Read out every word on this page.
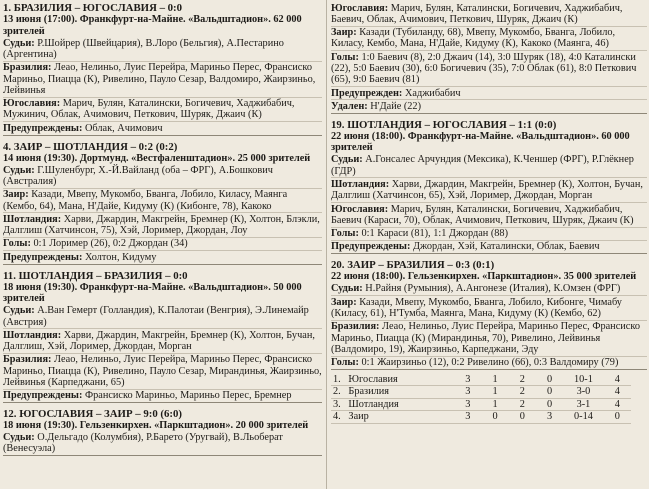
1. БРАЗИЛИЯ – ЮГОСЛАВИЯ – 0:0
13 июня (17:00). Франкфурт-на-Майне. «Вальдштадион». 62 000 зрителей
Судьи: Р.Шойрер (Швейцария), В.Лоро (Бельгия), А.Пестарино (Аргентина)
Бразилия: Леао, Нелиньо, Луис Перейра, Мариньо Перес, Франсиско Мариньо, Пиацца (К), Ривелино, Пауло Сезар, Валдомиро, Жаирзиньо, Лейвинья
Югославия: Марич, Булян, Каталински, Богичевич, Хаджибабич, Мужинич, Облак, Ачимович, Петкович, Шуряк, Джаич (К)
Предупреждены: Облак, Ачимович
4. ЗАИР – ШОТЛАНДИЯ – 0:2 (0:2)
14 июня (19:30). Дортмунд. «Вестфаленштадион». 25 000 зрителей
Судьи: Г.Шуленбург, Х.-Й.Вайланд (оба – ФРГ), А.Бошкович (Австралия)
Заир: Казади, Мвепу, Мукомбо, Бвангa, Лобило, Киласу, Маянга (Кембо, 64), Мана, Н'Дайе, Кидуму (К) (Кибонге, 78), Какоко
Шотландия: Харви, Джардин, Макгрейн, Бремнер (К), Холтон, Блэкли, Далглиш (Хатчинсон, 75), Хэй, Лоример, Джордан, Лоу
Голы: 0:1 Лоример (26), 0:2 Джордан (34)
Предупреждены: Холтон, Кидуму
11. ШОТЛАНДИЯ – БРАЗИЛИЯ – 0:0
18 июня (19:30). Франкфурт-на-Майне. «Вальдштадион». 50 000 зрителей
Судьи: А.Ван Гемерт (Голландия), К.Палотаи (Венгрия), Э.Линемайр (Австрия)
Шотландия: Харви, Джардин, Макгрейн, Бремнер (К), Холтон, Бучан, Далглиш, Хэй, Лоример, Джордан, Морган
Бразилия: Леао, Нелиньо, Луис Перейра, Мариньо Перес, Франсиско Мариньо, Пиацца (К), Ривелино, Пауло Сезар, Мирандинья, Жаирзиньо, Лейвинья (Карпеджани, 65)
Предупреждены: Франсиско Мариньо, Мариньо Перес, Бремнер
12. ЮГОСЛАВИЯ – ЗАИР – 9:0 (6:0)
18 июня (19:30). Гельзенкирхен. «Паркштадион». 20 000 зрителей
Судьи: О.Дельгадо (Колумбия), Р.Барето (Уругвай), В.Льоберат (Венесуэла)
Югославия: Марич, Булян, Каталински, Богичевич, Хаджибабич, Баевич, Облак, Ачимович, Петкович, Шуряк, Джаич (К)
Заир: Казади (Тубиланду, 68), Мвепу, Мукомбо, Бвангa, Лобило, Киласу, Кембо, Мана, Н'Дайе, Кидуму (К), Какоко (Маянга, 46)
Голы: 1:0 Баевич (8), 2:0 Джаич (14), 3:0 Шуряк (18), 4:0 Каталински (22), 5:0 Баевич (30), 6:0 Богичевич (35), 7:0 Облак (61), 8:0 Петкович (65), 9:0 Баевич (81)
Предупрежден: Хаджибабич
Удален: Н'Дайе (22)
19. ШОТЛАНДИЯ – ЮГОСЛАВИЯ – 1:1 (0:0)
22 июня (18:00). Франкфурт-на-Майне. «Вальдштадион». 60 000 зрителей
Судьи: А.Гонсалес Арчундия (Мексика), К.Ченшер (ФРГ), Р.Глёкнер (ГДР)
Шотландия: Харви, Джардин, Макгрейн, Бремнер (К), Холтон, Бучан, Далглиш (Хатчинсон, 65), Хэй, Лоример, Джордан, Морган
Югославия: Марич, Булян, Каталински, Богичевич, Хаджибабич, Баевич (Караси, 70), Облак, Ачимович, Петкович, Шуряк, Джаич (К)
Голы: 0:1 Караси (81), 1:1 Джордан (88)
Предупреждены: Джордан, Хэй, Каталински, Облак, Баевич
20. ЗАИР – БРАЗИЛИЯ – 0:3 (0:1)
22 июня (18:00). Гельзенкирхен. «Паркштадион». 35 000 зрителей
Судьи: Н.Райня (Румыния), А.Ангонезе (Италия), К.Омзен (ФРГ)
Заир: Казади, Мвепу, Мукомбо, Бвангa, Лобило, Кибонге, Чимабу (Киласу, 61), Н'Тумба, Маянга, Мана, Кидуму (К) (Кембо, 62)
Бразилия: Леао, Нелиньо, Луис Перейра, Мариньо Перес, Франсиско Мариньо, Пиацца (К) (Мирандинья, 70), Ривелино, Лейвинья (Валдомиро, 19), Жаирзиньо, Карпеджани, Эду
Голы: 0:1 Жаирзиньо (12), 0:2 Ривелино (66), 0:3 Валдомиру (79)
1.	Югославия	3	1	2	0	10-1	4
2.	Бразилия	3	1	2	0	3-0	4
3.	Шотландия	3	1	2	0	3-1	4
4.	Заир	3	0	0	3	0-14	0
